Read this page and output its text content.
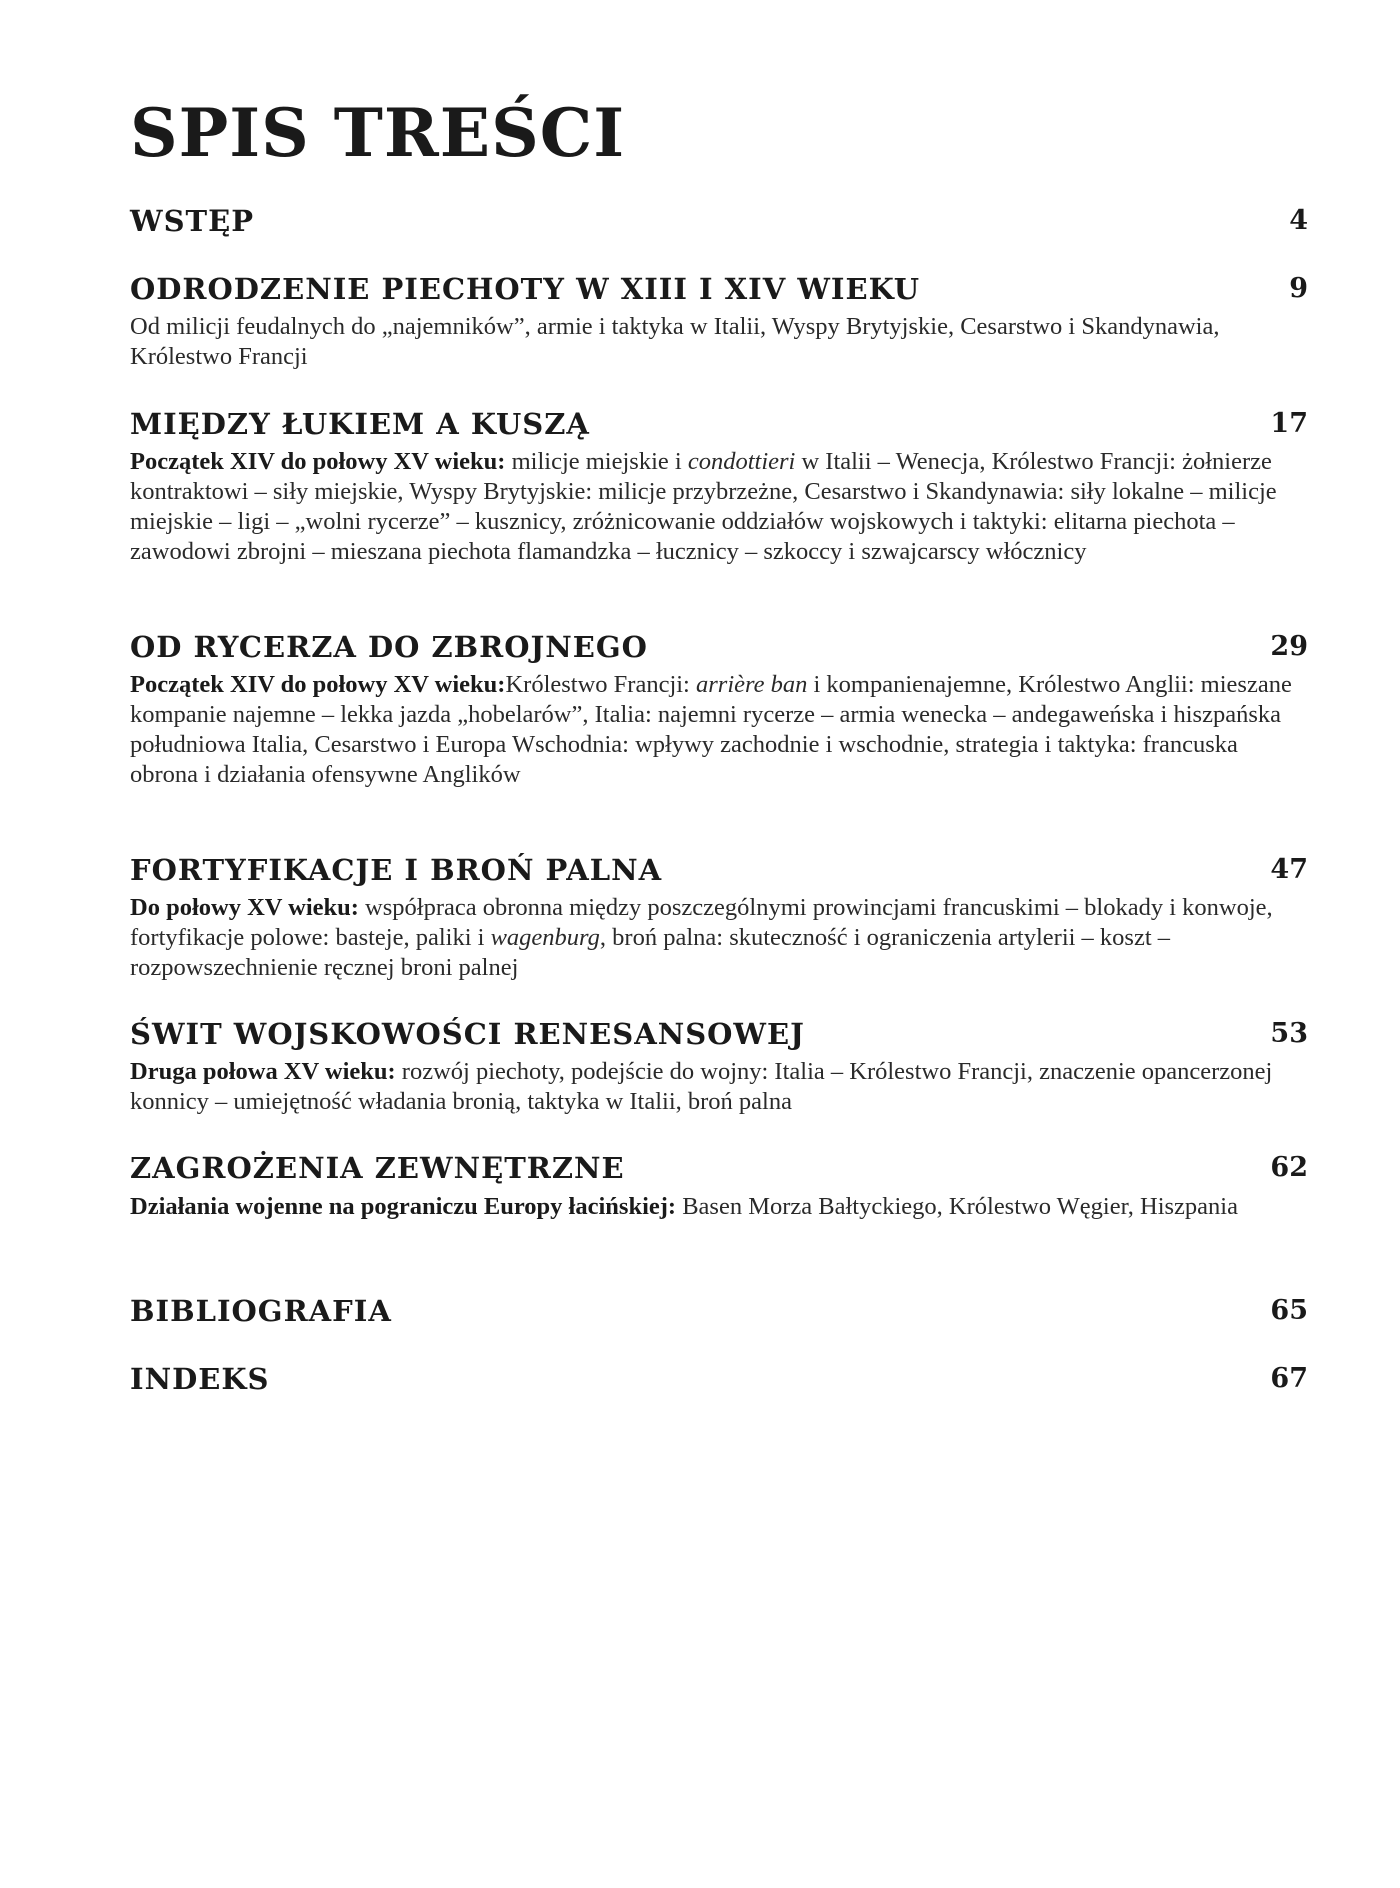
SPIS TREŚCI
WSTĘP	4
ODRODZENIE PIECHOTY W XIII I XIV WIEKU	9
Od milicji feudalnych do „najemników”, armie i taktyka w Italii, Wyspy Brytyjskie, Cesarstwo i Skandynawia, Królestwo Francji
MIĘDZY ŁUKIEM A KUSZĄ	17
Początek XIV do połowy XV wieku: milicje miejskie i condottieri w Italii – Wenecja, Królestwo Francji: żołnierze kontraktowi – siły miejskie, Wyspy Brytyjskie: milicje przybrzeżne, Cesarstwo i Skandynawia: siły lokalne – milicje miejskie – ligi – „wolni rycerze” – kusznicy, zróżnicowanie oddziałów wojskowych i taktyki: elitarna piechota – zawodowi zbrojni – mieszana piechota flamandzka – łucznicy – szkoccy i szwajcarscy włócznicy
OD RYCERZA DO ZBROJNEGO	29
Początek XIV do połowy XV wieku:Królestwo Francji: arrière ban i kompanienajemne, Królestwo Anglii: mieszane kompanie najemne – lekka jazda „hobelarów”, Italia: najemni rycerze – armia wenecka – andegaweńska i hiszpańska południowa Italia, Cesarstwo i Europa Wschodnia: wpływy zachodnie i wschodnie, strategia i taktyka: francuska obrona i działania ofensywne Anglików
FORTYFIKACJE I BROŃ PALNA	47
Do połowy XV wieku: współpraca obronna między poszczególnymi prowincjami francuskimi – blokady i konwoje, fortyfikacje polowe: basteje, paliki i wagenburg, broń palna: skuteczność i ograniczenia artylerii – koszt – rozpowszechnienie ręcznej broni palnej
ŚWIT WOJSKOWOŚCI RENESANSOWEJ	53
Druga połowa XV wieku: rozwój piechoty, podejście do wojny: Italia – Królestwo Francji, znaczenie opancerzonej konnicy – umiejętność władania bronią, taktyka w Italii, broń palna
ZAGROŻENIA ZEWNĘTRZNE	62
Działania wojenne na pograniczu Europy łacińskiej: Basen Morza Bałtyckiego, Królestwo Węgier, Hiszpania
BIBLIOGRAFIA	65
INDEKS	67
